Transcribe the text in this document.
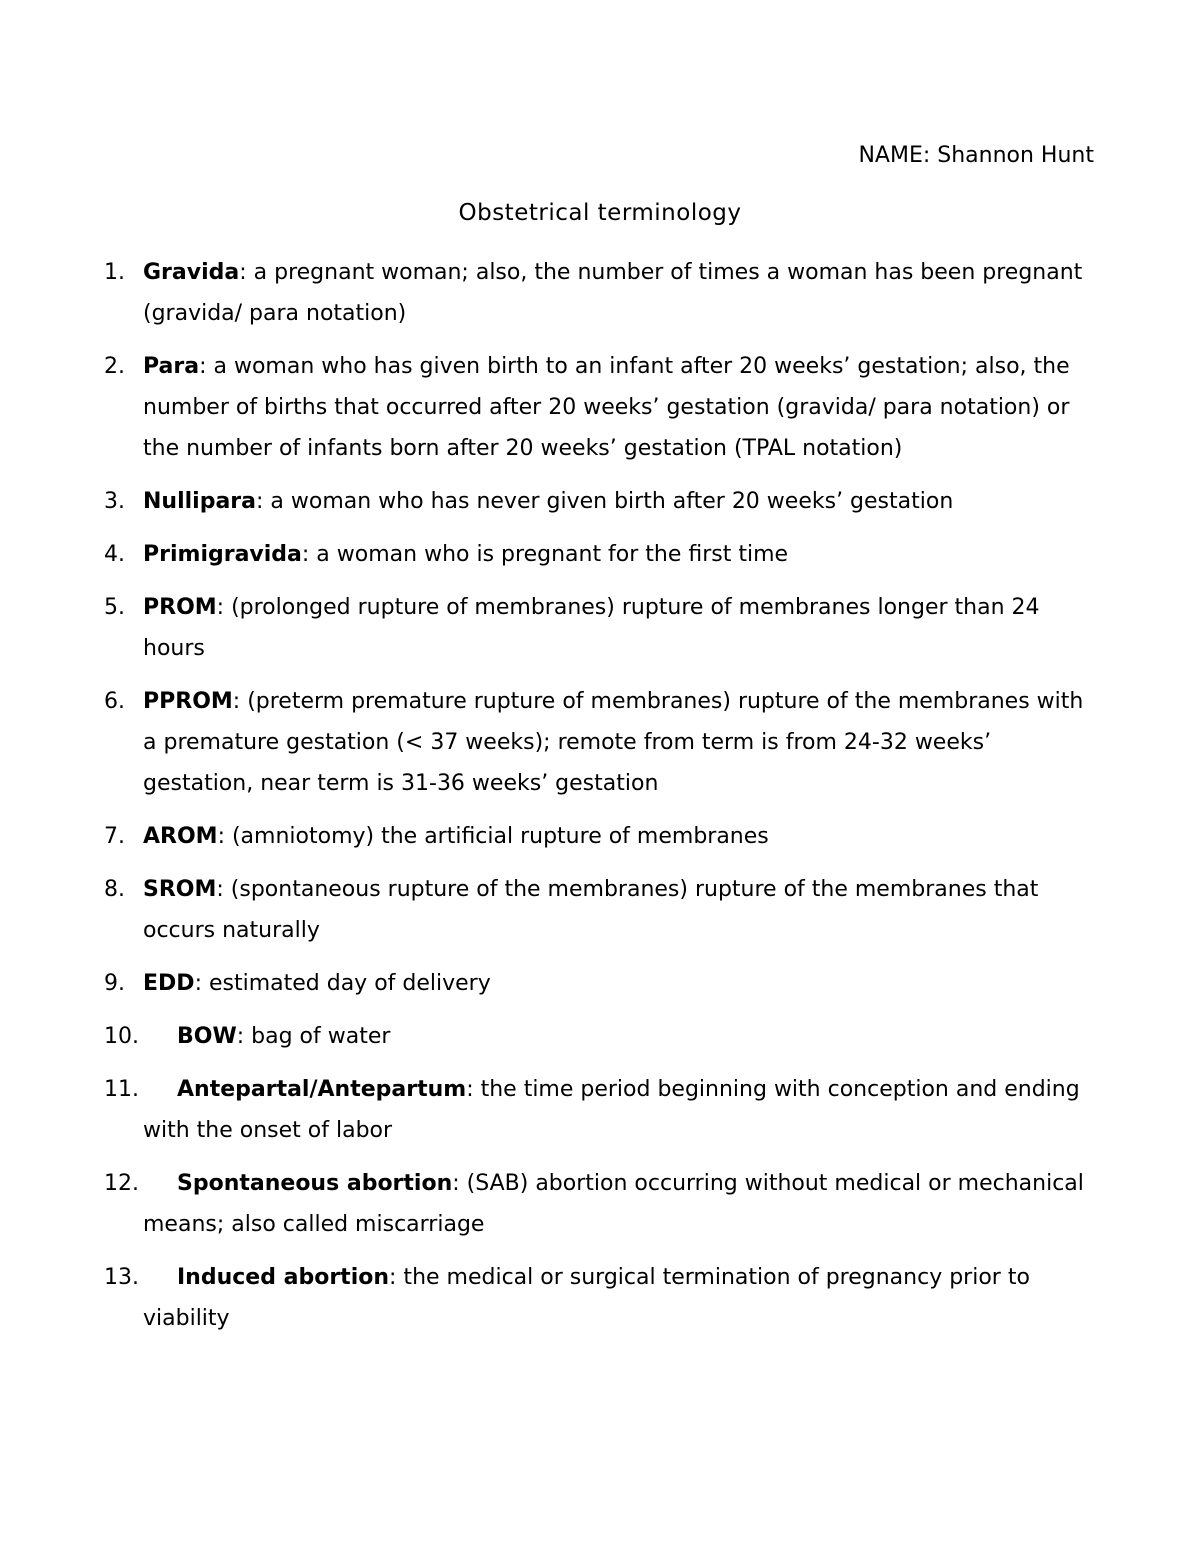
NAME: Shannon Hunt
Obstetrical terminology
1. Gravida: a pregnant woman; also, the number of times a woman has been pregnant (gravida/ para notation)
2. Para: a woman who has given birth to an infant after 20 weeks’ gestation; also, the number of births that occurred after 20 weeks’ gestation (gravida/ para notation) or the number of infants born after 20 weeks’ gestation (TPAL notation)
3. Nullipara: a woman who has never given birth after 20 weeks’ gestation
4. Primigravida: a woman who is pregnant for the first time
5. PROM: (prolonged rupture of membranes) rupture of membranes longer than 24 hours
6. PPROM: (preterm premature rupture of membranes) rupture of the membranes with a premature gestation (< 37 weeks); remote from term is from 24-32 weeks’ gestation, near term is 31-36 weeks’ gestation
7. AROM: (amniotomy) the artificial rupture of membranes
8. SROM: (spontaneous rupture of the membranes) rupture of the membranes that occurs naturally
9. EDD: estimated day of delivery
10. BOW: bag of water
11. Antepartal/Antepartum: the time period beginning with conception and ending with the onset of labor
12. Spontaneous abortion: (SAB) abortion occurring without medical or mechanical means; also called miscarriage
13. Induced abortion: the medical or surgical termination of pregnancy prior to viability
